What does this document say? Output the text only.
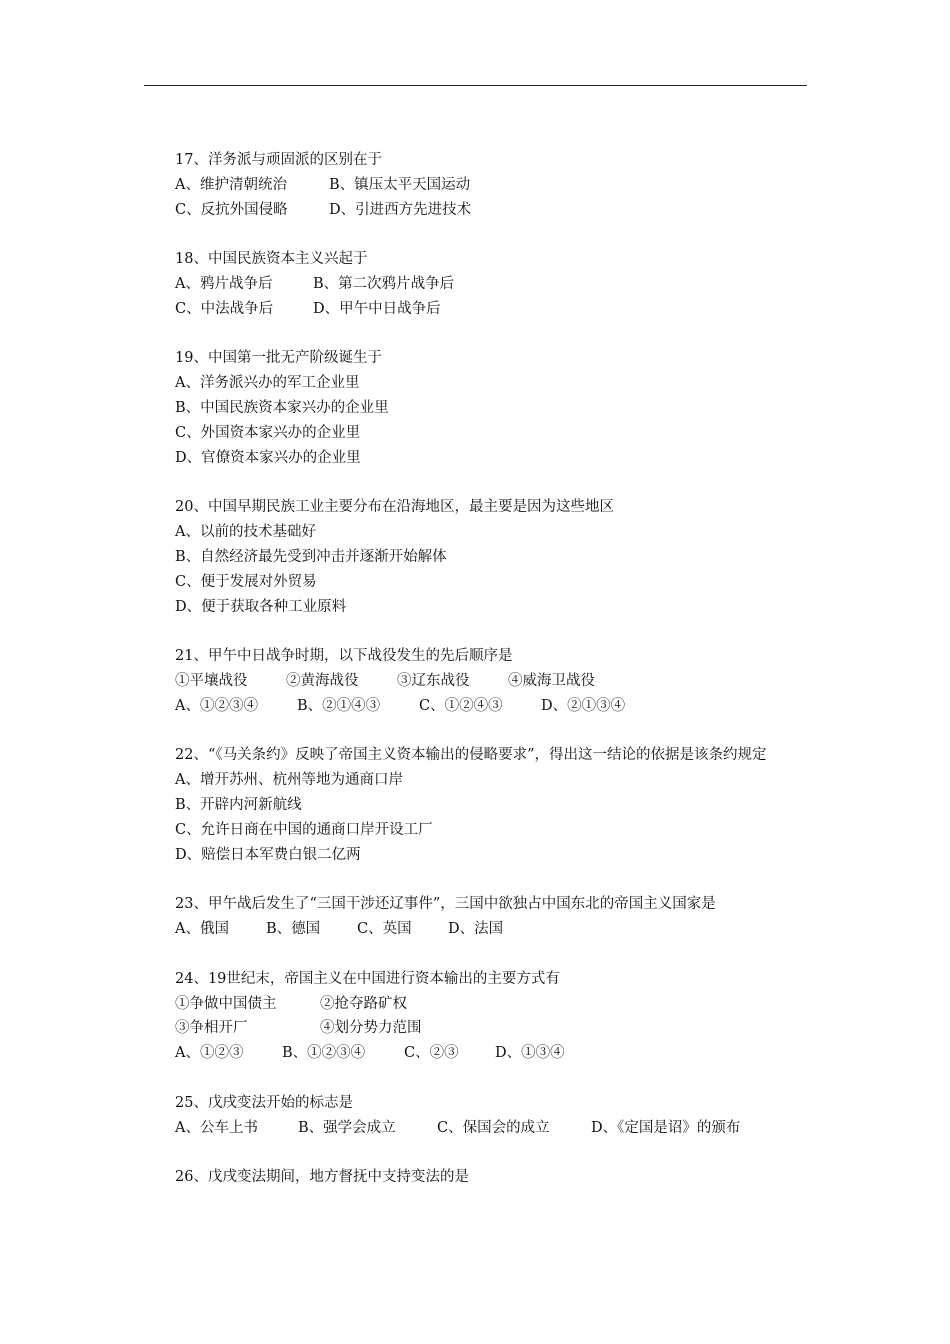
17、洋务派与顽固派的区别在于
A、维护清朝统治	B、镇压太平天国运动
C、反抗外国侵略	D、引进西方先进技术
18、中国民族资本主义兴起于
A、鸦片战争后	B、第二次鸦片战争后
C、中法战争后	D、甲午中日战争后
19、中国第一批无产阶级诞生于
A、洋务派兴办的军工企业里
B、中国民族资本家兴办的企业里
C、外国资本家兴办的企业里
D、官僚资本家兴办的企业里
20、中国早期民族工业主要分布在沿海地区，最主要是因为这些地区
A、以前的技术基础好
B、自然经济最先受到冲击并逐渐开始解体
C、便于发展对外贸易
D、便于获取各种工业原料
21、甲午中日战争时期，以下战役发生的先后顺序是
①平壤战役	②黄海战役	③辽东战役	④威海卫战役
A、①②③④	B、②①④③	C、①②④③	D、②①③④
22、“《马关条约》反映了帝国主义资本输出的侵略要求”，得出这一结论的依据是该条约规定
A、增开苏州、杭州等地为通商口岸
B、开辟内河新航线
C、允许日商在中国的通商口岸开设工厂
D、赔偿日本军费白银二亿两
23、甲午战后发生了“三国干涉还辽事件”，三国中欲独占中国东北的帝国主义国家是
A、俄国	B、德国	C、英国	D、法国
24、19世纪末，帝国主义在中国进行资本输出的主要方式有
①争做中国债主	②抢夺路矿权
③争相开厂	④划分势力范围
A、①②③	B、①②③④	C、②③	D、①③④
25、戊戌变法开始的标志是
A、公车上书	B、强学会成立	C、保国会的成立	D、《定国是诏》的颁布
26、戊戌变法期间，地方督抚中支持变法的是
